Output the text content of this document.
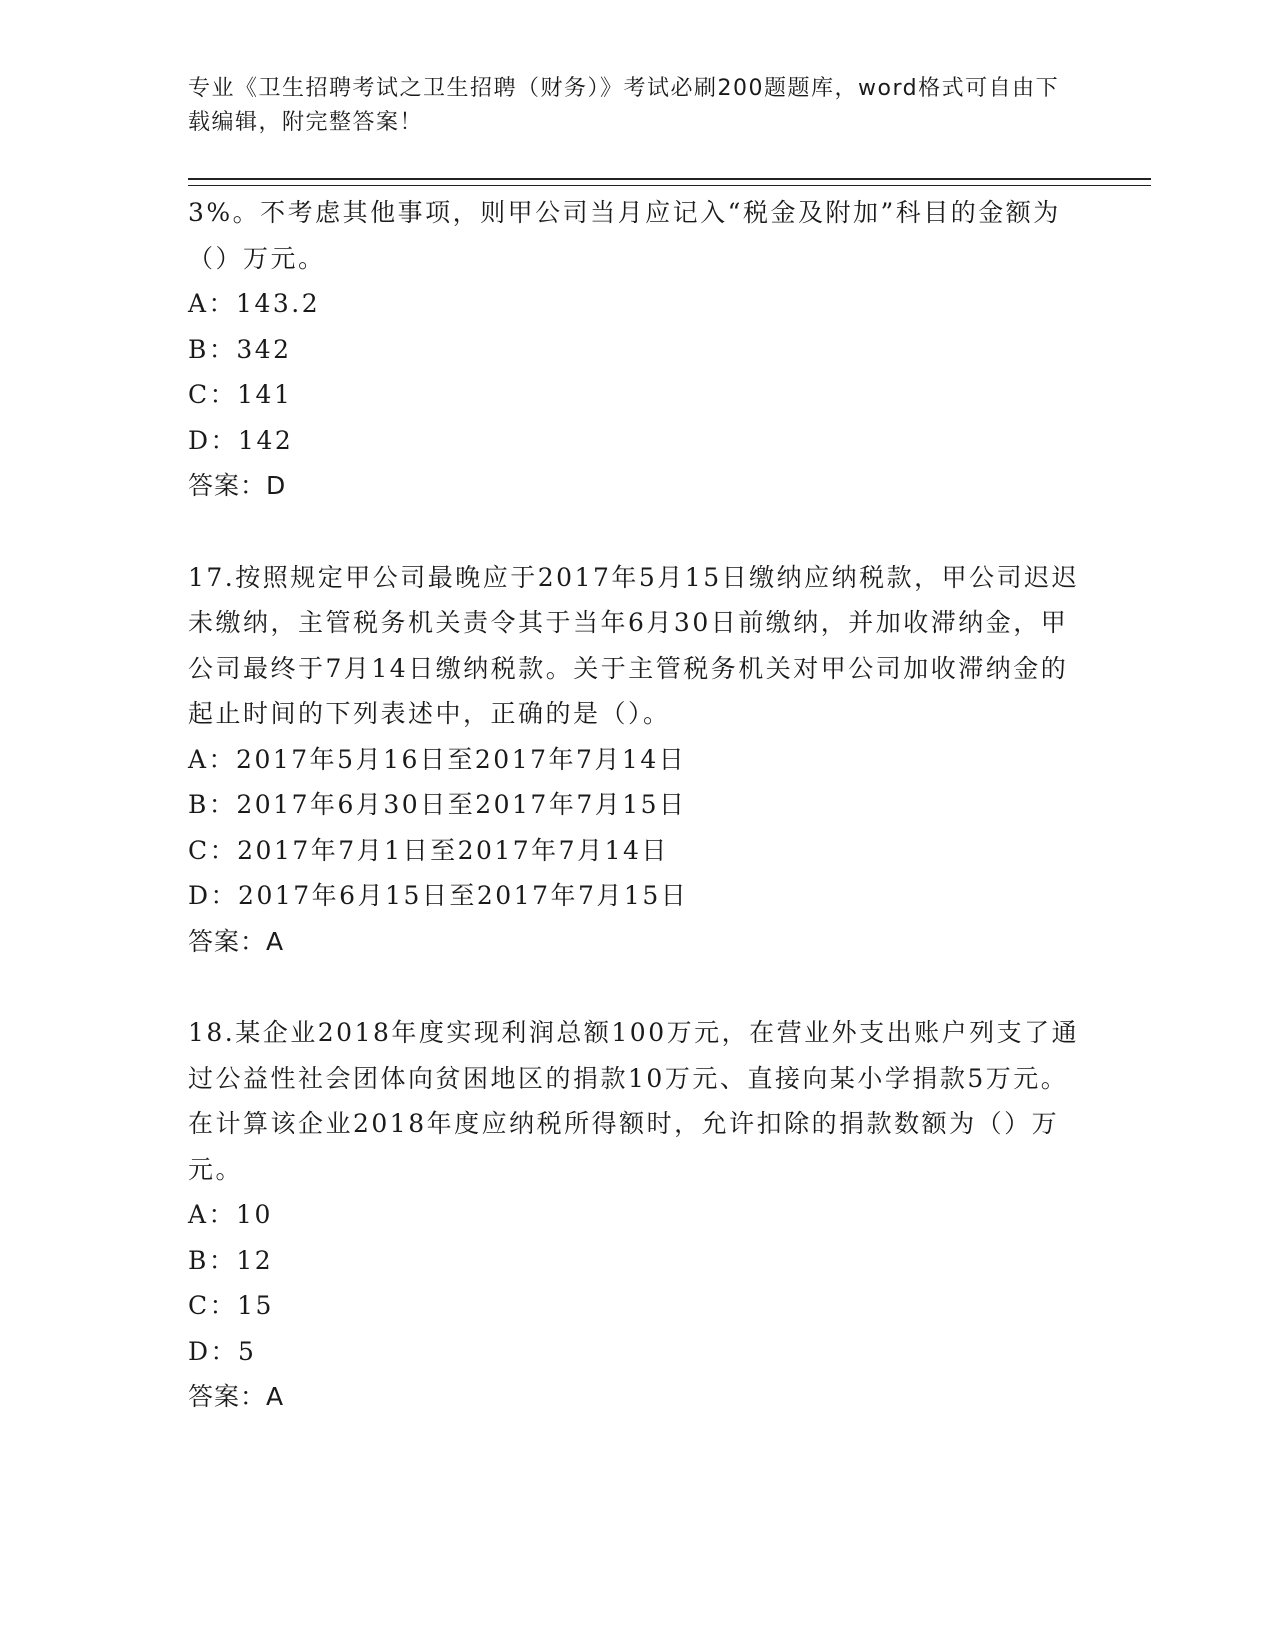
专业《卫生招聘考试之卫生招聘（财务）》考试必刷200题题库，word格式可自由下载编辑，附完整答案！

3%。不考虑其他事项，则甲公司当月应记入“税金及附加”科目的金额为（）万元。

A：143.2

B：342

C：141

D：142

答案：D

17.按照规定甲公司最晚应于2017年5月15日缴纳应纳税款，甲公司迟迟未缴纳，主管税务机关责令其于当年6月30日前缴纳，并加收滞纳金，甲公司最终于7月14日缴纳税款。关于主管税务机关对甲公司加收滞纳金的起止时间的下列表述中，正确的是（）。

A：2017年5月16日至2017年7月14日

B：2017年6月30日至2017年7月15日

C：2017年7月1日至2017年7月14日

D：2017年6月15日至2017年7月15日

答案：A

18.某企业2018年度实现利润总额100万元，在营业外支出账户列支了通过公益性社会团体向贫困地区的捐款10万元、直接向某小学捐款5万元。在计算该企业2018年度应纳税所得额时，允许扣除的捐款数额为（）万元。

A：10

B：12

C：15

D：5

答案：A
